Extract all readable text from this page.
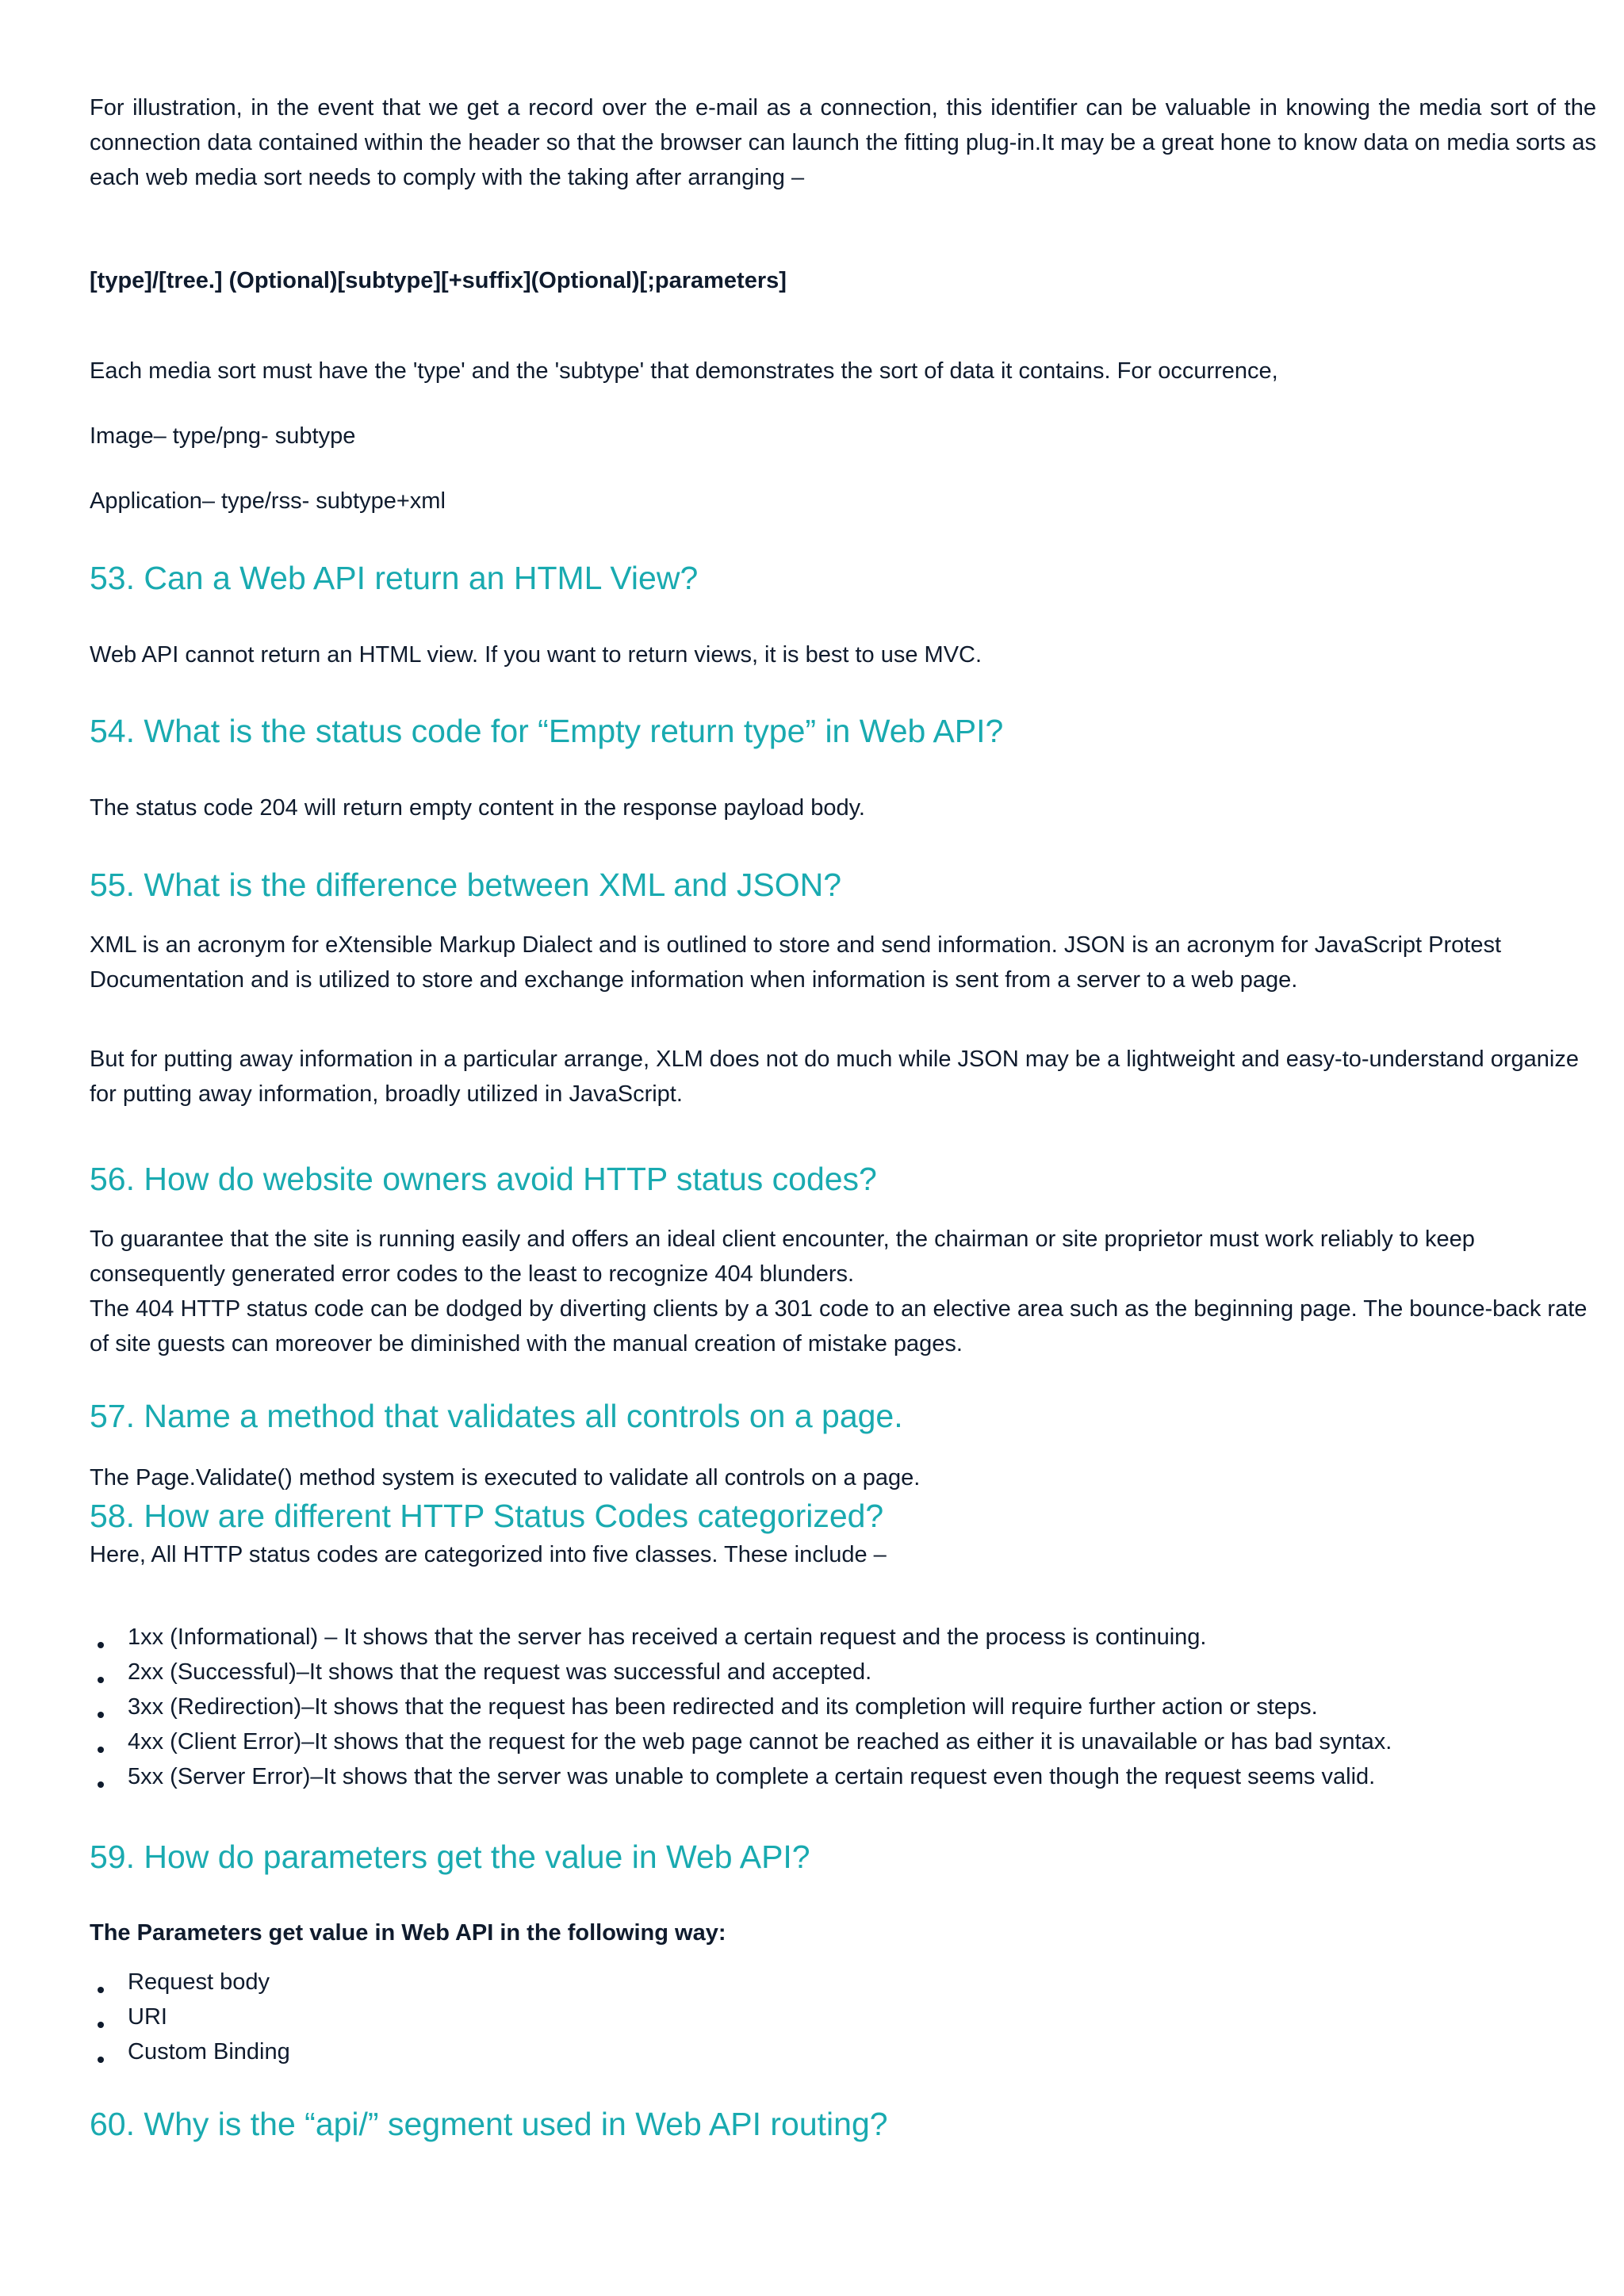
For illustration, in the event that we get a record over the e-mail as a connection, this identifier can be valuable in knowing the media sort of the connection data contained within the header so that the browser can launch the fitting plug-in.It may be a great hone to know data on media sorts as each web media sort needs to comply with the taking after arranging –

[type]/[tree.] (Optional)[subtype][+suffix](Optional)[;parameters]

Each media sort must have the 'type' and the 'subtype' that demonstrates the sort of data it contains. For occurrence,

Image– type/png- subtype

Application– type/rss- subtype+xml

53. Can a Web API return an HTML View?

Web API cannot return an HTML view. If you want to return views, it is best to use MVC.

54. What is the status code for “Empty return type” in Web API?

The status code 204 will return empty content in the response payload body.

55. What is the difference between XML and JSON?

XML is an acronym for eXtensible Markup Dialect and is outlined to store and send information. JSON is an acronym for JavaScript Protest Documentation and is utilized to store and exchange information when information is sent from a server to a web page.

But for putting away information in a particular arrange, XLM does not do much while JSON may be a lightweight and easy-to-understand organize for putting away information, broadly utilized in JavaScript.

56. How do website owners avoid HTTP status codes?

To guarantee that the site is running easily and offers an ideal client encounter, the chairman or site proprietor must work reliably to keep consequently generated error codes to the least to recognize 404 blunders.

The 404 HTTP status code can be dodged by diverting clients by a 301 code to an elective area such as the beginning page. The bounce-back rate of site guests can moreover be diminished with the manual creation of mistake pages.

57. Name a method that validates all controls on a page.

The Page.Validate() method system is executed to validate all controls on a page.

58. How are different HTTP Status Codes categorized?

Here, All HTTP status codes are categorized into five classes. These include –

1xx (Informational) – It shows that the server has received a certain request and the process is continuing.
2xx (Successful)–It shows that the request was successful and accepted.
3xx (Redirection)–It shows that the request has been redirected and its completion will require further action or steps.
4xx (Client Error)–It shows that the request for the web page cannot be reached as either it is unavailable or has bad syntax.
5xx (Server Error)–It shows that the server was unable to complete a certain request even though the request seems valid.
59. How do parameters get the value in Web API?

The Parameters get value in Web API in the following way:

Request body
URI
Custom Binding
60. Why is the “api/” segment used in Web API routing?
